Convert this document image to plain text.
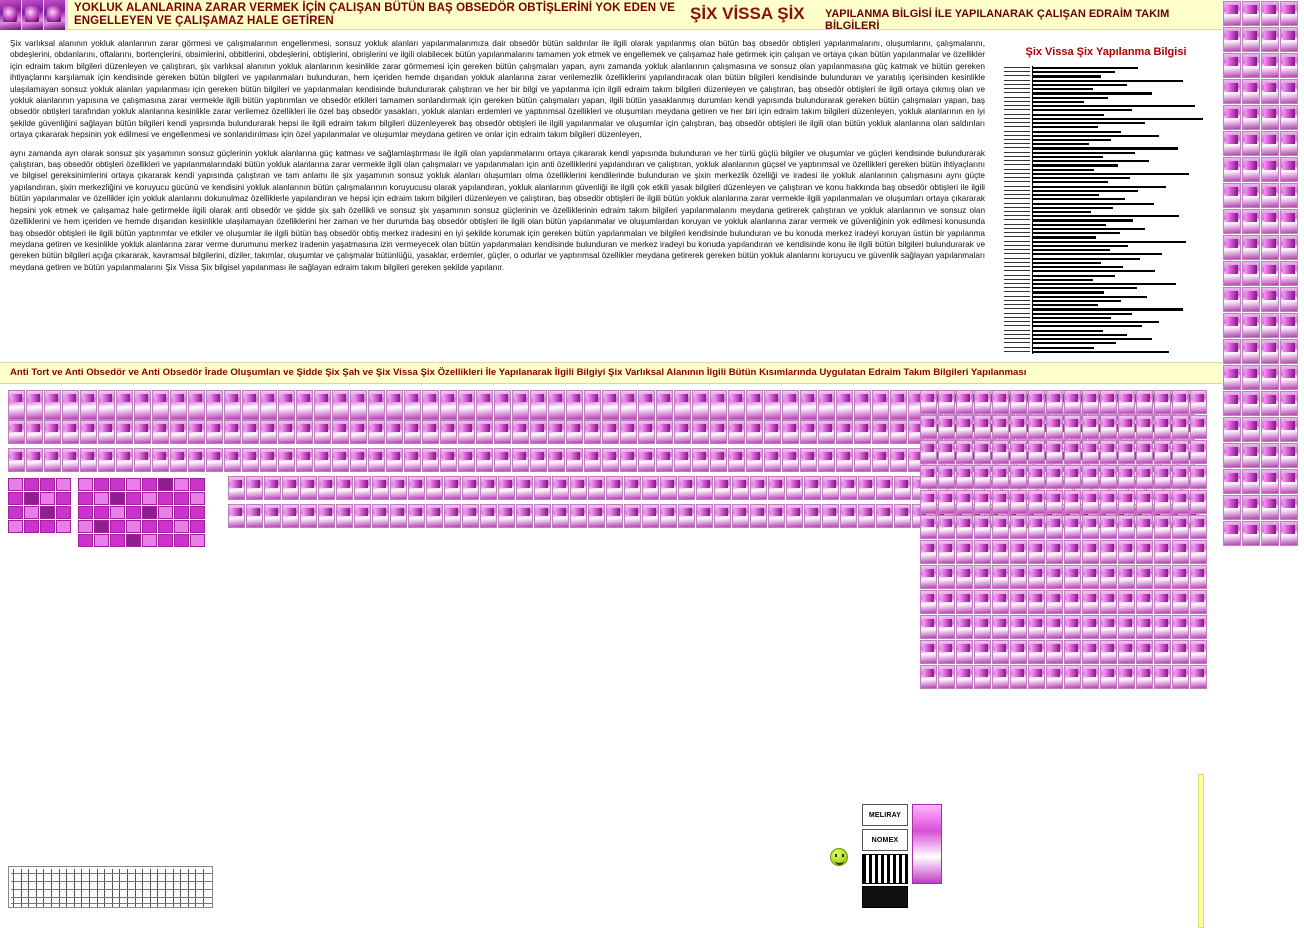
YOKLUK ALANLARINA ZARAR VERMEK İÇİN ÇALIŞAN BÜTÜN BAŞ OBSEDÖR OBTİŞLERİNİ YOK EDEN VE ENGELLEYEN VE ÇALIŞAMAZ HALE GETİREN	ŞİX VİSSA ŞİX YAPILANMA BİLGİSİ İLE YAPILANARAK ÇALIŞAN EDRAİM TAKIM BİLGİLERİ

Şix varlıksal alanının yokluk alanlarının zarar görmesi ve çalışmalarının engellenmesi, sonsuz yokluk alanları yapılanmalarımıza dair obsedör bütün saldırılar ile ilgili olarak yapılanmış olan bütün baş obsedör obtişleri yapılanmalarını, oluşumlarını, çalışmalarını, obdeşlerini, obdanlarını, oftalarını, bortençlerini, obsimlerini, obbitlerini, obdeşlerini, obtişlerini, obrişlerini ve ilgili olabilecek bütün yapılanmalarını tamamen yok etmek ve engellemek ve çalışamaz hale getirmek için çalışan ve ortaya çıkan bütün yapılanmalar ve özellikler için edraim takım bilgileri düzenleyen ve çalıştıran, şix varlıksal alanının yokluk alanlarının kesinlikle zarar görmemesi için gereken bütün çalışmaları yapan, aynı zamanda yokluk alanlarının çalışmasına ve sonsuz olan yapılanmasına güç katmak ve bütün gereken ihtiyaçlarını karşılamak için kendisinde gereken bütün bilgileri ve yapılanmaları bulunduran, hem içeriden hemde dışarıdan yokluk alanlarına zarar verilemezlik özelliklerini yapılandıracak olan bütün bilgileri kendisinde bulunduran ve yaratılış içerisinden kesinlikle ulaşılamayan sonsuz yokluk alanları yapılanması için gereken bütün bilgileri ve yapılanmaları kendisinde bulundurarak çalıştıran ve her bir bilgi ve yapılanma için ilgili edraim takım bilgileri düzenleyen ve çalıştıran, baş obsedör obtişleri ile ilgili ortaya çıkmış olan ve yokluk alanlarının yapısına ve çalışmasına zarar vermekle ilgili bütün yaptırımları ve obsedör etkileri tamamen sonlandırmak için gereken bütün çalışmaları yapan, ilgili bütün yasaklanmış durumları kendi yapısında bulundurarak gereken bütün çalışmaları yapan, baş obsedör obtişleri tarafından yokluk alanlarına kesinlikle zarar verilemez özellikleri ile özel baş obsedör yasakları, yokluk alanları erdemleri ve yaptırımsal özellikleri ve oluşumları meydana getiren ve her biri için edraim takım bilgileri düzenleyen, yokluk alanlarının en iyi şekilde güvenliğini sağlayan bütün bilgileri kendi yapısında bulundurarak hepsi ile ilgili edraim takım bilgileri düzenleyerek baş obsedör obtişleri ile ilgili yapılanmalar ve oluşumlar için çalıştıran, baş obsedör obtişleri ile ilgili olan bütün yokluk alanlarına olan saldırıları ortaya çıkararak hepsinin yok edilmesi ve engellenmesi ve sonlandırılması için özel yapılanmalar ve oluşumlar meydana getiren ve onlar için edraim takım bilgileri düzenleyen,

aynı zamanda ayrı olarak sonsuz şix yaşamının sonsuz güçlerinin yokluk alanlarına güç katması ve sağlamlaştırması ile ilgili olan yapılanmalarını ortaya çıkararak kendi yapısında bulunduran ve her türlü güçlü bilgiler ve oluşumlar ve güçleri kendisinde bulundurarak çalıştıran, baş obsedör obtişleri özellikleri ve yapılanmalarındaki bütün yokluk alanlarına zarar vermekle ilgili olan çalışmaları ve yapılanmaları için anti özelliklerini yapılandıran ve çalıştıran, yokluk alanlarının güçsel ve yaptırımsal ve özellikleri gereken bütün ihtiyaçlarını ve bilgisel gereksinimlerini ortaya çıkararak kendi yapısında çalıştıran ve tam anlamı ile şix yaşamının sonsuz yokluk alanları oluşumları olma özelliklerini kendilerinde bulunduran ve şixin merkezlik özelliği ve iradesi ile yokluk alanlarının çalışmasını aynı güçte yapılandıran, şixin merkezliğini ve koruyucu gücünü ve kendisini yokluk alanlarının bütün çalışmalarının koruyucusu olarak yapılandıran, yokluk alanlarının güvenliği ile ilgili çok etkili yasak bilgileri düzenleyen ve çalıştıran ve konu hakkında baş obsedör obtişleri ile ilgili bütün yapılanmalar ve özellikler için yokluk alanlarını dokunulmaz özelliklerle yapılandıran ve hepsi için edraim takım bilgileri düzenleyen ve çalıştıran, baş obsedör obtişleri ile ilgili bütün yokluk alanlarına zarar vermekle ilgili yapılanmaları ve oluşumları ortaya çıkararak hepsini yok etmek ve çalışamaz hale getirmekle ilgili olarak anti obsedör ve şidde şix şah özellikli ve sonsuz şix yaşamının sonsuz güçlerinin ve özelliklerinin edraim takım bilgileri yapılanmalarını meydana getirerek çalıştıran ve yokluk alanlarının ve sonsuz olan özelliklerini ve hem içeriden ve hemde dışarıdan kesinlikle ulaşılamayan özelliklerini her zaman ve her durumda baş obsedör obtişleri ile ilgili olan bütün yapılanmalar ve oluşumlardan koruyan ve yokluk alanlarına zarar vermek ve güvenliğinin yok edilmesi konusunda baş obsedör obtişleri ile ilgili bütün yaptırımlar ve etkiler ve oluşumlar ile ilgili bütün baş obsedör obtiş merkez iradesini en iyi şekilde korumak için gereken bütün yapılanmaları ve bilgileri kendisinde bulunduran ve bu konuda merkez iradeyi koruyan üstün bir yapılanma meydana getiren ve kesinlikle yokluk alanlarına zarar verme durumunu merkez iradenin yaşatmasına izin vermeyecek olan bütün yapılanmaları kendisinde bulunduran ve merkez iradeyi bu konuda yapılandıran ve kendisinde konu ile ilgili bütün bilgileri bulundurarak ve gereken bütün bilgileri açığa çıkararak, kavramsal bilgilerini, diziler, takımlar, oluşumlar ve çalışmalar bütünlüğü, yasaklar, erdemler, güçler, o odurlar ve yaptırımsal özellikler meydana getirerek gereken bütün yokluk alanlarını koruyucu ve güvenlik sağlayan yapılanmaları meydana getiren ve bütün yapılanmalarını Şix Vissa Şix bilgisel yapılanması ile sağlayan edraim takım bilgileri gereken şekilde yapılanır.

Şix Vissa Şix Yapılanma Bilgisi
Anti Tort ve Anti Obsedör ve Anti Obsedör İrade Oluşumları ve Şidde Şix Şah ve Şix Vissa Şix Özellikleri İle Yapılanarak İlgili Bilgiyi Şix Varlıksal Alanının İlgili Bütün Kısımlarında Uygulatan Edraim Takım Bilgileri Yapılanması
MELIRAY
NOMEX
